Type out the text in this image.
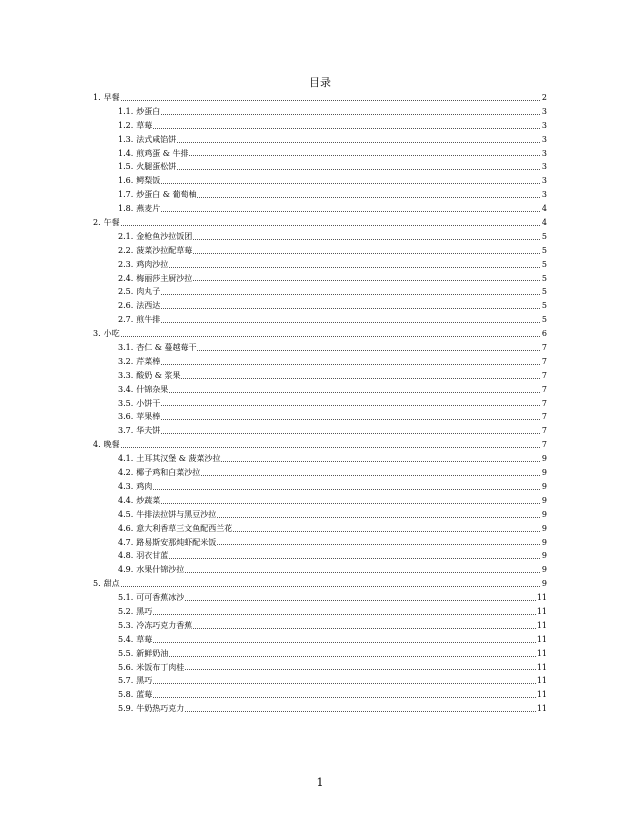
目录
1. 早餐	2
1.1. 炒蛋白	3
1.2. 草莓	3
1.3. 法式咸馅饼	3
1.4. 煎鸡蛋 & 牛排	3
1.5. 火腿蛋松饼	3
1.6. 鳄梨饭	3
1.7. 炒蛋白 & 葡萄柚	3
1.8. 燕麦片	4
2. 午餐	4
2.1. 金枪鱼沙拉饭团	5
2.2. 菠菜沙拉配草莓	5
2.3. 鸡肉沙拉	5
2.4. 梅丽莎主厨沙拉	5
2.5. 肉丸子	5
2.6. 法西达	5
2.7. 煎牛排	5
3. 小吃	6
3.1. 杏仁 & 蔓越莓干	7
3.2. 芹菜棒	7
3.3. 酸奶 & 浆果	7
3.4. 什锦杂果	7
3.5. 小饼干	7
3.6. 苹果棒	7
3.7. 华夫饼	7
4. 晚餐	7
4.1. 土耳其汉堡 & 菠菜沙拉	9
4.2. 椰子鸡和白菜沙拉	9
4.3. 鸡肉	9
4.4. 炒蔬菜	9
4.5. 牛排法拉饼与黑豆沙拉	9
4.6. 意大利香草三文鱼配西兰花	9
4.7. 路易斯安那炖虾配米饭	9
4.8. 羽衣甘蓝	9
4.9. 水果什锦沙拉	9
5. 甜点	9
5.1. 可可香蕉冰沙	11
5.2. 黑巧	11
5.3. 冷冻巧克力香蕉	11
5.4. 草莓	11
5.5. 新鲜奶油	11
5.6. 米饭布丁肉桂	11
5.7. 黑巧	11
5.8. 蓝莓	11
5.9. 牛奶热巧克力	11
1
